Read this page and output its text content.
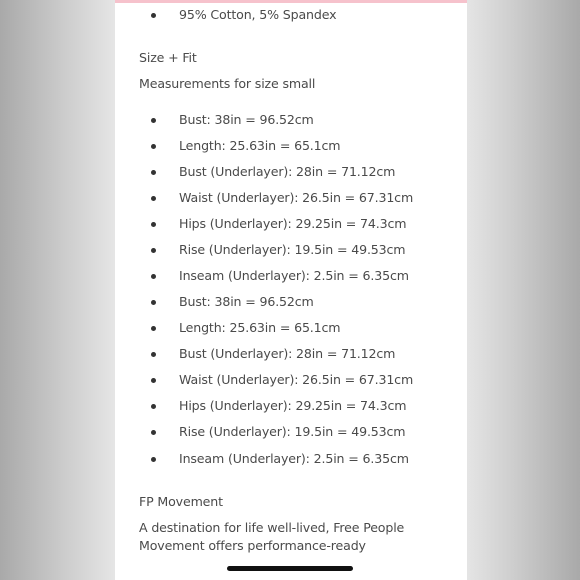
95% Cotton, 5% Spandex
Size + Fit
Measurements for size small
Bust: 38in = 96.52cm
Length: 25.63in = 65.1cm
Bust (Underlayer): 28in = 71.12cm
Waist (Underlayer): 26.5in = 67.31cm
Hips (Underlayer): 29.25in = 74.3cm
Rise (Underlayer): 19.5in = 49.53cm
Inseam (Underlayer): 2.5in = 6.35cm
Bust: 38in = 96.52cm
Length: 25.63in = 65.1cm
Bust (Underlayer): 28in = 71.12cm
Waist (Underlayer): 26.5in = 67.31cm
Hips (Underlayer): 29.25in = 74.3cm
Rise (Underlayer): 19.5in = 49.53cm
Inseam (Underlayer): 2.5in = 6.35cm
FP Movement
A destination for life well-lived, Free People Movement offers performance-ready
